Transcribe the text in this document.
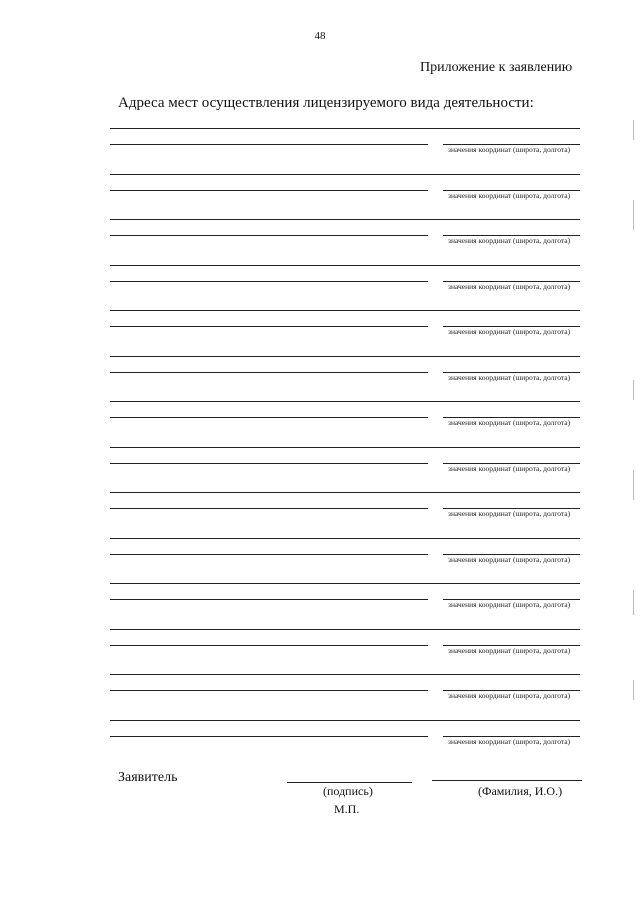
48
Приложение к заявлению
Адреса мест осуществления лицензируемого вида деятельности:
значения координат (широта, долгота)
значения координат (широта, долгота)
значения координат (широта, долгота)
значения координат (широта, долгота)
значения координат (широта, долгота)
значения координат (широта, долгота)
значения координат (широта, долгота)
значения координат (широта, долгота)
значения координат (широта, долгота)
значения координат (широта, долгота)
значения координат (широта, долгота)
значения координат (широта, долгота)
значения координат (широта, долгота)
значения координат (широта, долгота)
Заявитель
(подпись)	(Фамилия, И.О.)
М.П.
